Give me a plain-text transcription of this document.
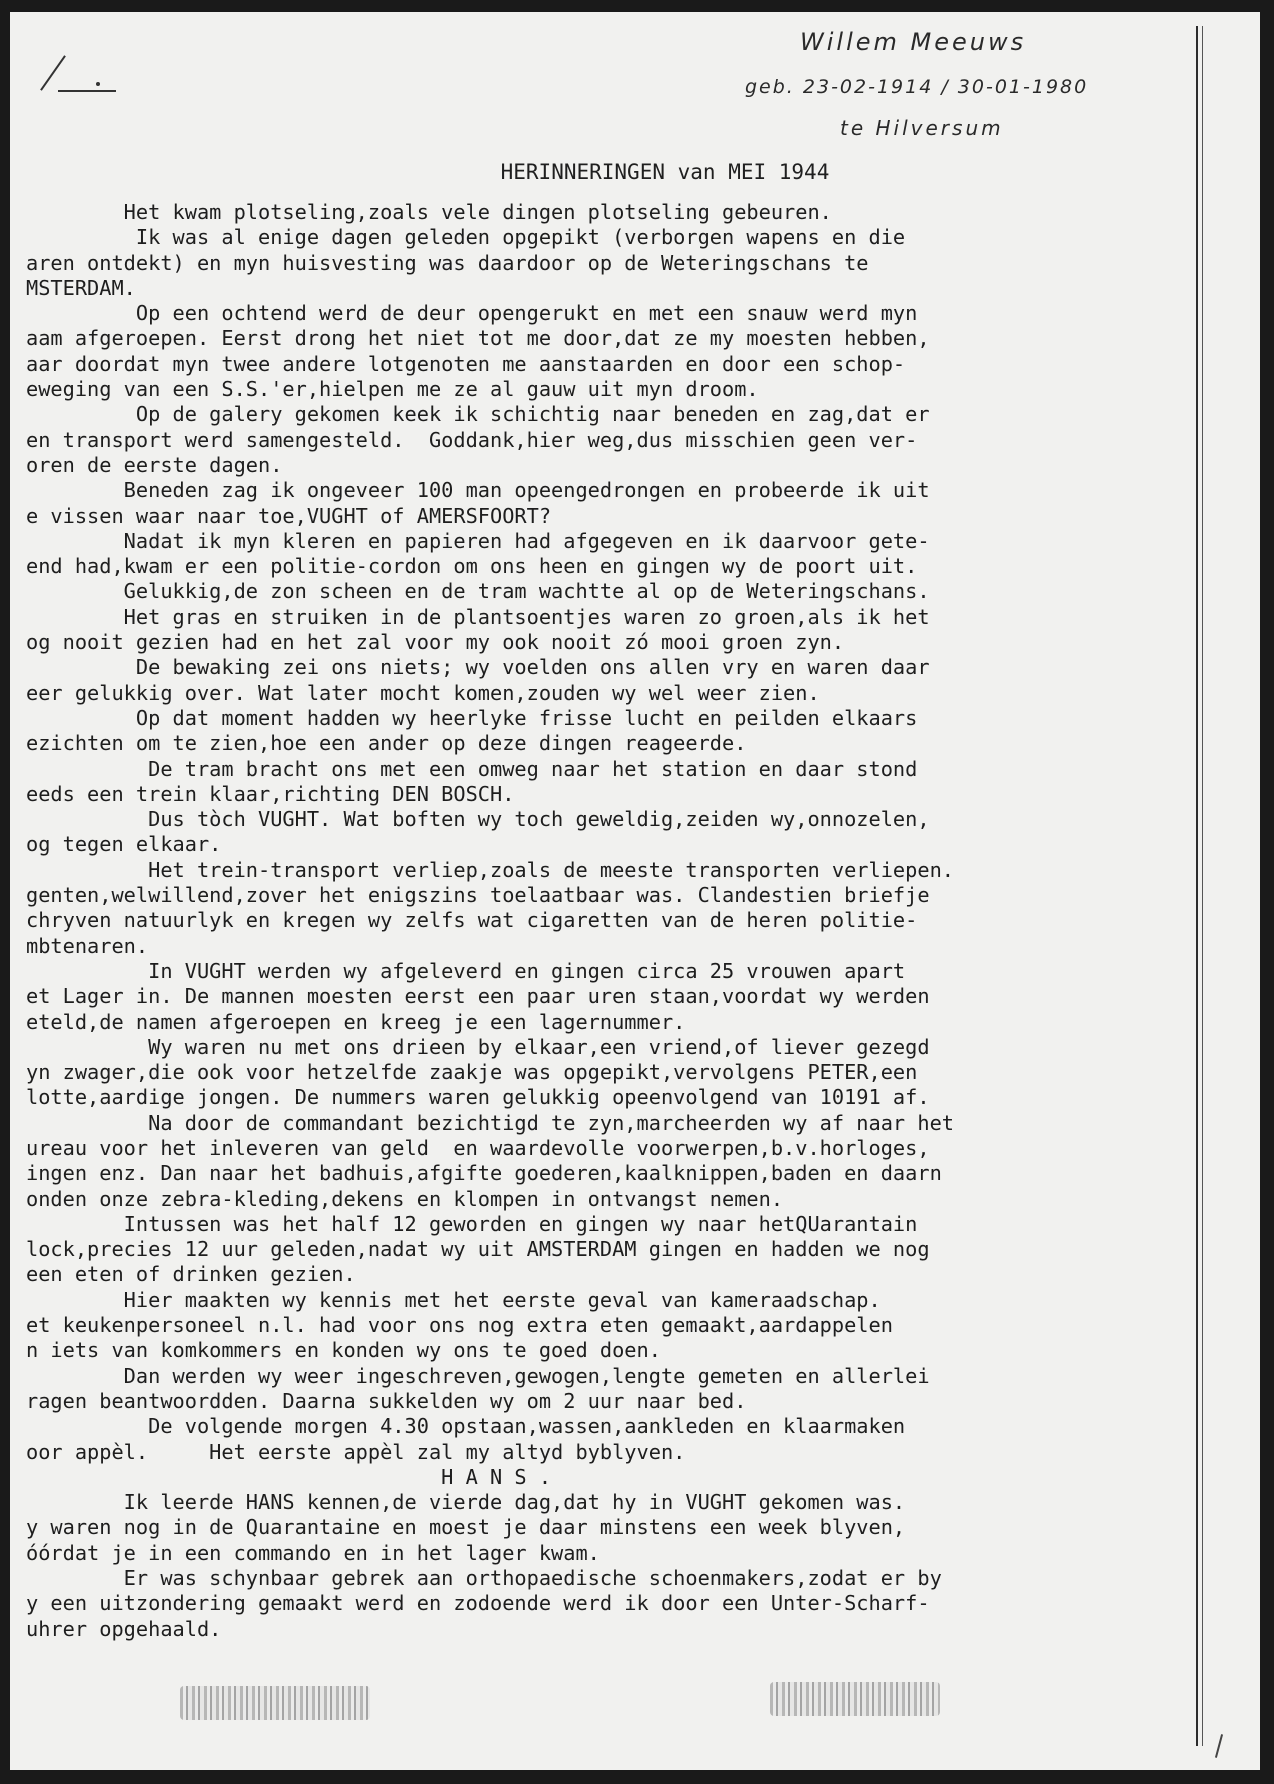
Willem Meeuws
geb. 23-02-1914 / 30-01-1980
te Hilversum
HERINNERINGEN van MEI 1944
Het kwam plotseling,zoals vele dingen plotseling gebeuren.
Ik was al enige dagen geleden opgepikt (verborgen wapens en die
aren ontdekt) en myn huisvesting was daardoor op de Weteringschans te
MSTERDAM.
Op een ochtend werd de deur opengerukt en met een snauw werd myn
aam afgeroepen. Eerst drong het niet tot me door,dat ze my moesten hebben,
aar doordat myn twee andere lotgenoten me aanstaarden en door een schop-
eweging van een S.S.'er,hielpen me ze al gauw uit myn droom.
Op de galery gekomen keek ik schichtig naar beneden en zag,dat er
en transport werd samengesteld.  Goddank,hier weg,dus misschien geen ver-
oren de eerste dagen.
Beneden zag ik ongeveer 100 man opeengedrongen en probeerde ik uit
e vissen waar naar toe,VUGHT of AMERSFOORT?
Nadat ik myn kleren en papieren had afgegeven en ik daarvoor gete-
end had,kwam er een politie-cordon om ons heen en gingen wy de poort uit.
Gelukkig,de zon scheen en de tram wachtte al op de Weteringschans.
Het gras en struiken in de plantsoentjes waren zo groen,als ik het
og nooit gezien had en het zal voor my ook nooit zó mooi groen zyn.
De bewaking zei ons niets; wy voelden ons allen vry en waren daar
eer gelukkig over. Wat later mocht komen,zouden wy wel weer zien.
Op dat moment hadden wy heerlyke frisse lucht en peilden elkaars
ezichten om te zien,hoe een ander op deze dingen reageerde.
De tram bracht ons met een omweg naar het station en daar stond
eeds een trein klaar,richting DEN BOSCH.
Dus tòch VUGHT. Wat boften wy toch geweldig,zeiden wy,onnozelen,
og tegen elkaar.
Het trein-transport verliep,zoals de meeste transporten verliepen.
genten,welwillend,zover het enigszins toelaatbaar was. Clandestien briefje
chryven natuurlyk en kregen wy zelfs wat cigaretten van de heren politie-
mbtenaren.
In VUGHT werden wy afgeleverd en gingen circa 25 vrouwen apart
et Lager in. De mannen moesten eerst een paar uren staan,voordat wy werden
eteld,de namen afgeroepen en kreeg je een lagernummer.
Wy waren nu met ons drieen by elkaar,een vriend,of liever gezegd
yn zwager,die ook voor hetzelfde zaakje was opgepikt,vervolgens PETER,een
lotte,aardige jongen. De nummers waren gelukkig opeenvolgend van 10191 af.
Na door de commandant bezichtigd te zyn,marcheerden wy af naar het
ureau voor het inleveren van geld  en waardevolle voorwerpen,b.v.horloges,
ingen enz. Dan naar het badhuis,afgifte goederen,kaalknippen,baden en daarn
onden onze zebra-kleding,dekens en klompen in ontvangst nemen.
Intussen was het half 12 geworden en gingen wy naar hetQUarantain
lock,precies 12 uur geleden,nadat wy uit AMSTERDAM gingen en hadden we nog
een eten of drinken gezien.
Hier maakten wy kennis met het eerste geval van kameraadschap.
et keukenpersoneel n.l. had voor ons nog extra eten gemaakt,aardappelen
n iets van komkommers en konden wy ons te goed doen.
Dan werden wy weer ingeschreven,gewogen,lengte gemeten en allerlei
ragen beantwoordden. Daarna sukkelden wy om 2 uur naar bed.
De volgende morgen 4.30 opstaan,wassen,aankleden en klaarmaken
oor appèl.     Het eerste appèl zal my altyd byblyven.
H A N S .
Ik leerde HANS kennen,de vierde dag,dat hy in VUGHT gekomen was.
y waren nog in de Quarantaine en moest je daar minstens een week blyven,
óórdat je in een commando en in het lager kwam.
Er was schynbaar gebrek aan orthopaedische schoenmakers,zodat er by
y een uitzondering gemaakt werd en zodoende werd ik door een Unter-Scharf-
uhrer opgehaald.
